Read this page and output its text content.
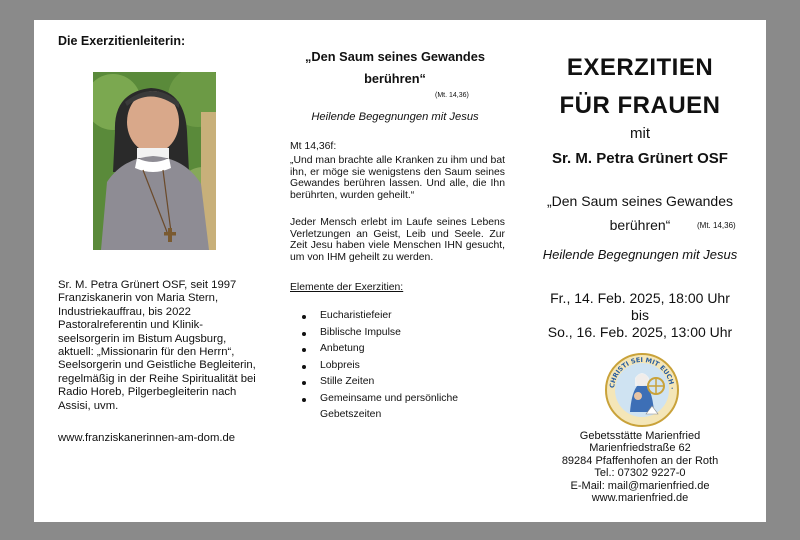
Die Exerzitienleiterin:
Sr. M. Petra Grünert OSF, seit 1997 Franziskanerin von Maria Stern, Industriekauffrau, bis 2022 Pastoralreferentin und Klinik-seelsorgerin im Bistum Augsburg, aktuell: „Missionarin für den Herrn“, Seelsorgerin und Geistliche Begleiterin, regelmäßig in der Reihe Spiritualität bei Radio Horeb, Pilgerbegleiterin nach Assisi, uvm.
www.franziskanerinnen-am-dom.de
„Den Saum seines Gewandes
berühren“
(Mt. 14,36)
Heilende Begegnungen mit Jesus
Mt 14,36f:
„Und man brachte alle Kranken zu ihm und bat ihn, er möge sie wenigstens den Saum seines Gewandes berühren lassen. Und alle, die Ihn berührten, wurden geheilt.“
Jeder Mensch erlebt im Laufe seines Lebens Verletzungen an Geist, Leib und Seele. Zur Zeit Jesu haben viele Menschen IHN gesucht, um von IHM geheilt zu werden.
Elemente der Exerzitien:
Eucharistiefeier
Biblische Impulse
Anbetung
Lobpreis
Stille Zeiten
Gemeinsame und persönliche Gebetszeiten
EXERZITIEN
FÜR FRAUEN
mit
Sr. M. Petra Grünert OSF
„Den Saum seines Gewandes
berühren“	(Mt. 14,36)
Heilende Begegnungen mit Jesus
Fr., 14. Feb. 2025, 18:00 Uhr
bis
So., 16. Feb. 2025, 13:00 Uhr
CHRISTI SEI MIT EUCH ·
Gebetsstätte Marienfried
Marienfriedstraße 62
89284 Pfaffenhofen an der Roth
Tel.: 07302 9227-0
E-Mail: mail@marienfried.de
www.marienfried.de
